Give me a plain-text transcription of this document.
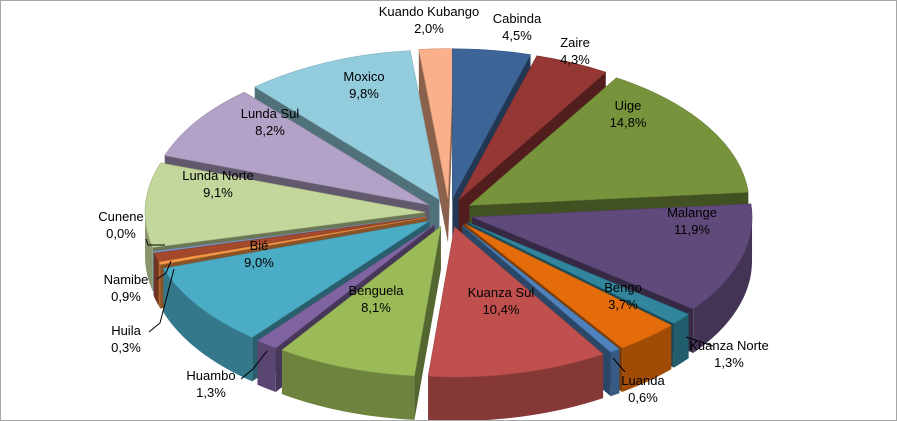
Cabinda
4,5% Zaire
4,3%
Uige
14,8%
Malange
11,9%
Kuanza Norte
1,3%
Bengo
3,7%
Luanda
0,6%
Kuanza Sul
10,4%
Benguela
8,1%
Huambo
1,3%
Bié
9,0%
Huila
0,3%
Namibe
0,9%
Cunene
0,0%
Lunda Norte
9,1%
Lunda Sul
8,2%
Moxico
9,8%
Kuando Kubango
2,0%
